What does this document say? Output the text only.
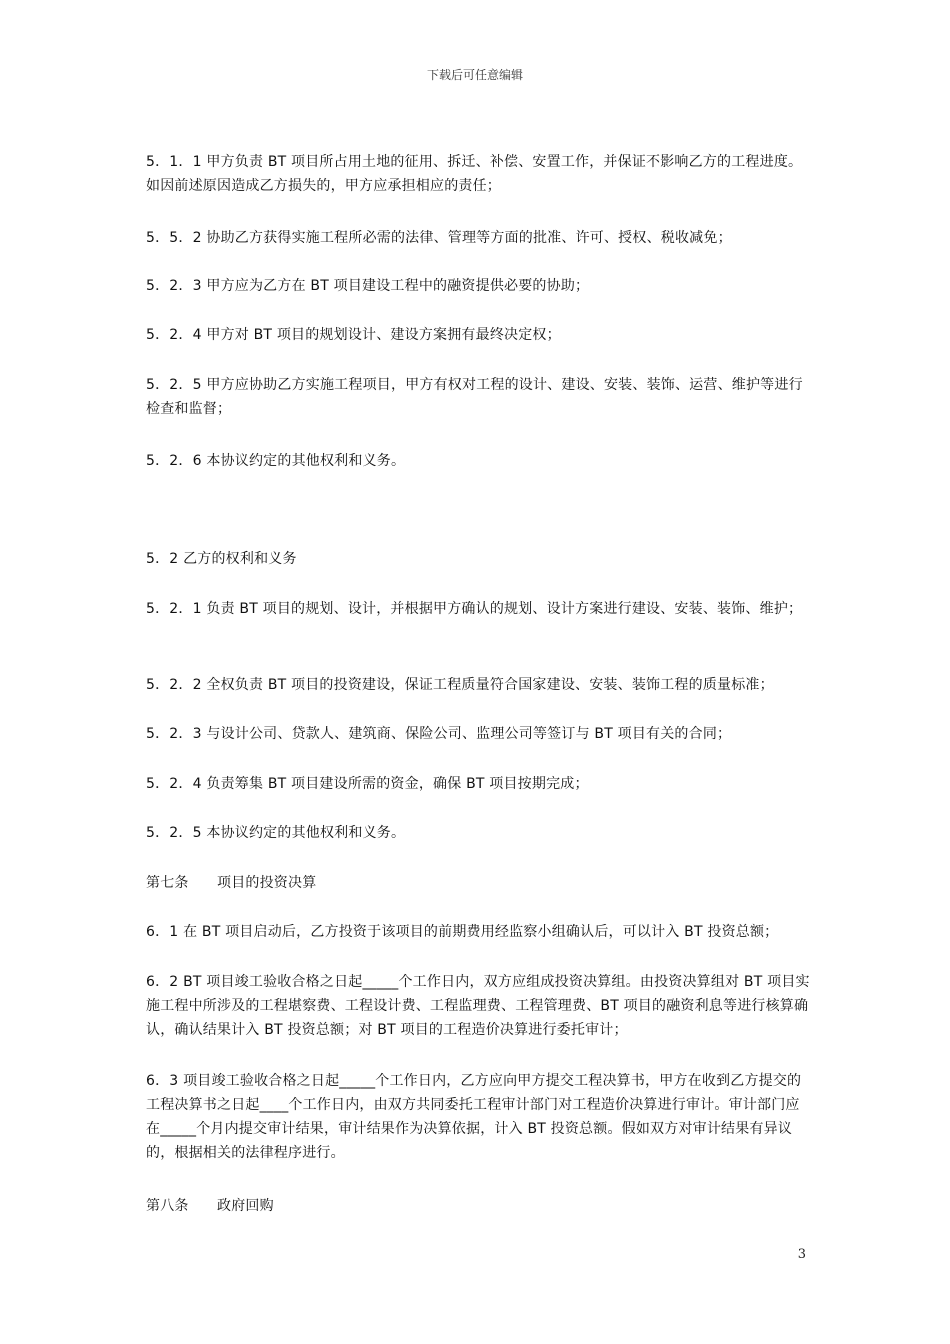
下载后可任意编辑
5．1．1 甲方负责 BT 项目所占用土地的征用、拆迁、补偿、安置工作，并保证不影响乙方的工程进度。如因前述原因造成乙方损失的，甲方应承担相应的责任；
5．5．2 协助乙方获得实施工程所必需的法律、管理等方面的批准、许可、授权、税收减免；
5．2．3 甲方应为乙方在 BT 项目建设工程中的融资提供必要的协助；
5．2．4 甲方对 BT 项目的规划设计、建设方案拥有最终决定权；
5．2．5 甲方应协助乙方实施工程项目，甲方有权对工程的设计、建设、安装、装饰、运营、维护等进行检查和监督；
5．2．6 本协议约定的其他权利和义务。
5．2 乙方的权利和义务
5．2．1 负责 BT 项目的规划、设计，并根据甲方确认的规划、设计方案进行建设、安装、装饰、维护；
5．2．2 全权负责 BT 项目的投资建设，保证工程质量符合国家建设、安装、装饰工程的质量标准；
5．2．3 与设计公司、贷款人、建筑商、保险公司、监理公司等签订与 BT 项目有关的合同；
5．2．4 负责筹集 BT 项目建设所需的资金，确保 BT 项目按期完成；
5．2．5 本协议约定的其他权利和义务。
第七条　　项目的投资决算
6．1 在 BT 项目启动后，乙方投资于该项目的前期费用经监察小组确认后，可以计入 BT 投资总额；
6．2 BT 项目竣工验收合格之日起_____个工作日内，双方应组成投资决算组。由投资决算组对 BT 项目实施工程中所涉及的工程堪察费、工程设计费、工程监理费、工程管理费、BT 项目的融资利息等进行核算确认，确认结果计入 BT 投资总额；对 BT 项目的工程造价决算进行委托审计；
6．3 项目竣工验收合格之日起_____个工作日内，乙方应向甲方提交工程决算书，甲方在收到乙方提交的工程决算书之日起____个工作日内，由双方共同委托工程审计部门对工程造价决算进行审计。审计部门应在_____个月内提交审计结果，审计结果作为决算依据，计入 BT 投资总额。假如双方对审计结果有异议的，根据相关的法律程序进行。
第八条　　政府回购
3
